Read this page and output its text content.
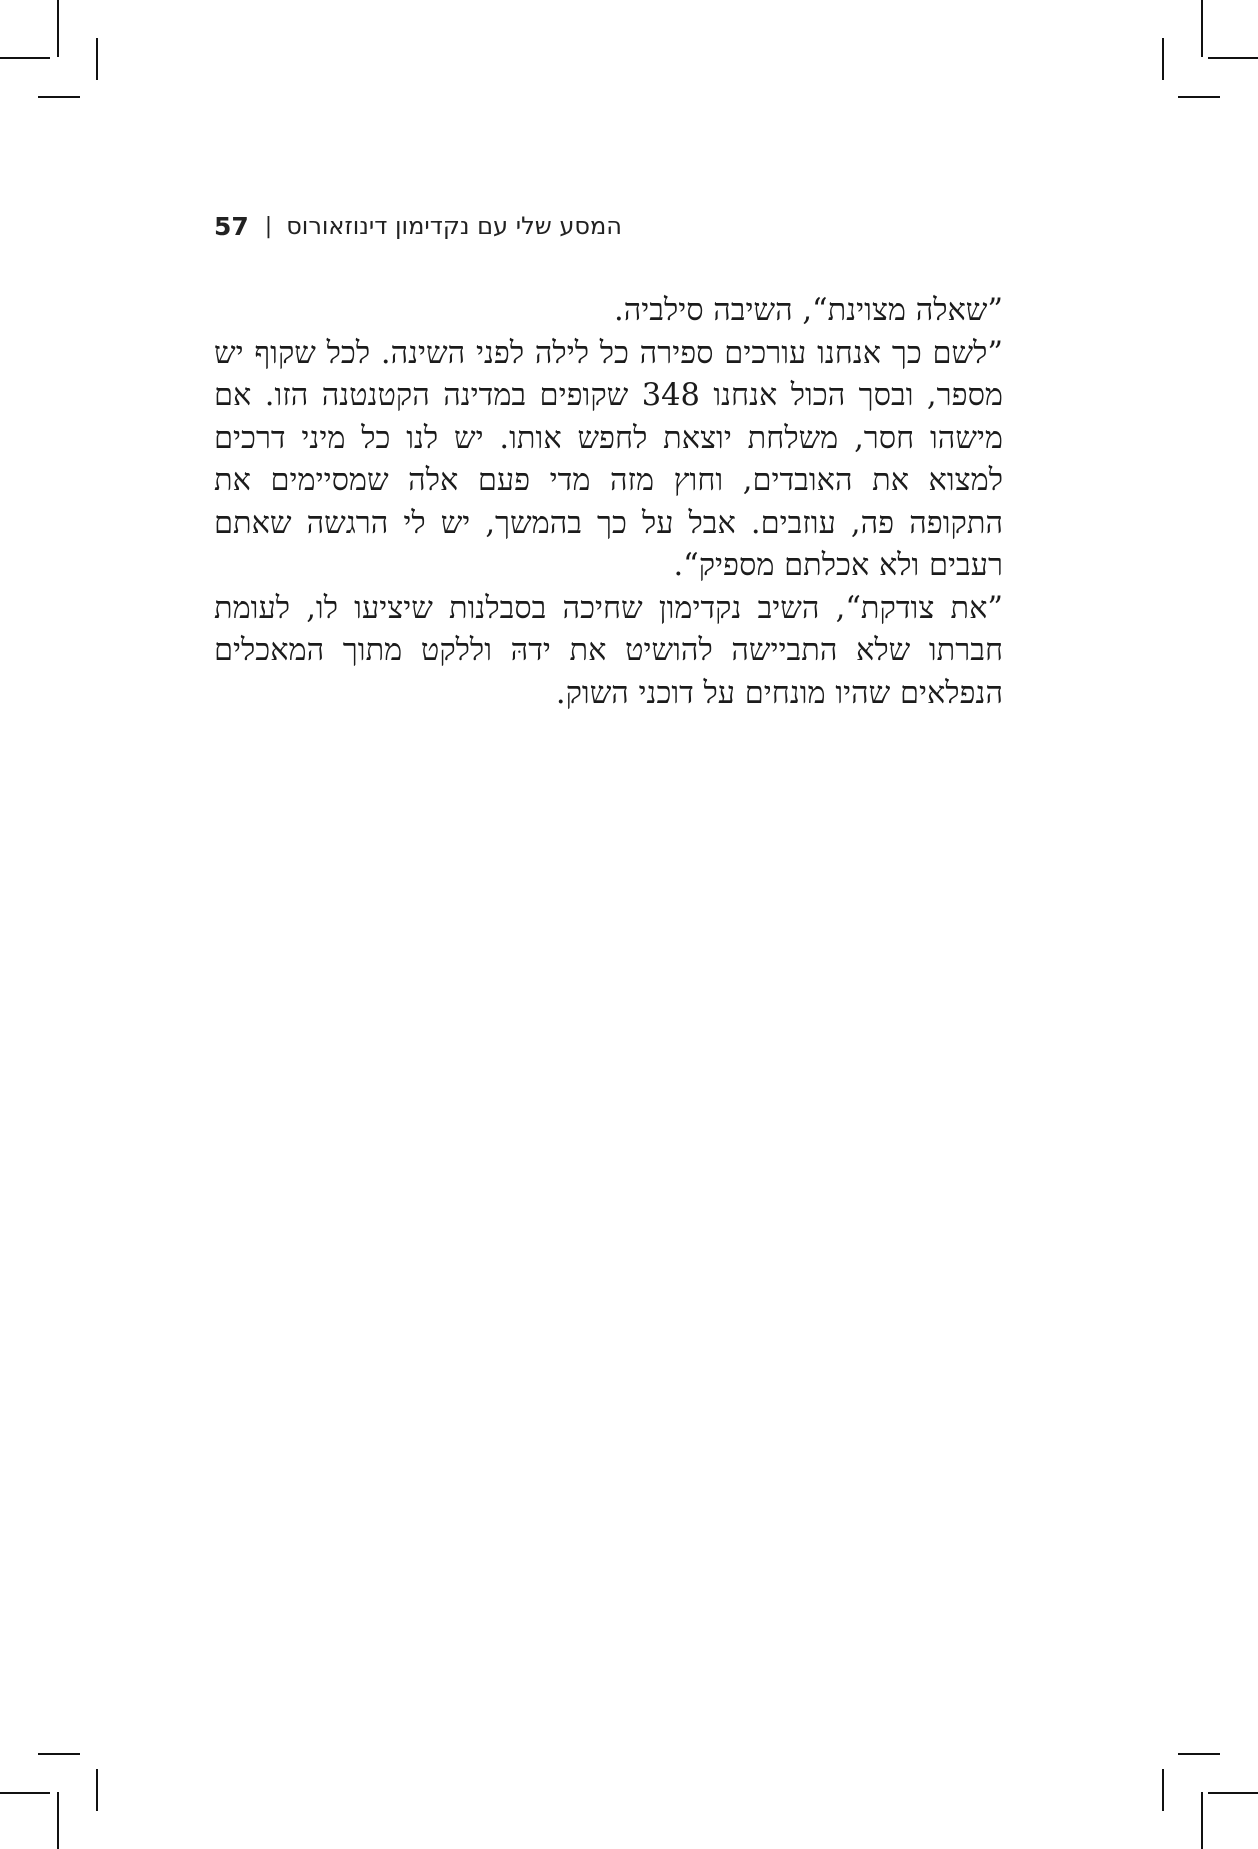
57 | המסע שלי עם נקדימון דינוזאורוס

”שאלה מצוינת“, השיבה סילביה.

”לשם כך אנחנו עורכים ספירה כל לילה לפני השינה. לכל שקוף יש מספר, ובסך הכול אנחנו 348 שקופים במדינה הקטנטנה הזו. אם מישהו חסר, משלחת יוצאת לחפש אותו. יש לנו כל מיני דרכים למצוא את האובדים, וחוץ מזה מדי פעם אלה שמסיימים את התקופה פה, עוזבים. אבל על כך בהמשך, יש לי הרגשה שאתם רעבים ולא אכלתם מספיק“.

”את צודקת“, השיב נקדימון שחיכה בסבלנות שיציעו לו, לעומת חברתו שלא התביישה להושיט את ידהּ וללקט מתוך המאכלים הנפלאים שהיו מונחים על דוכני השוק.
